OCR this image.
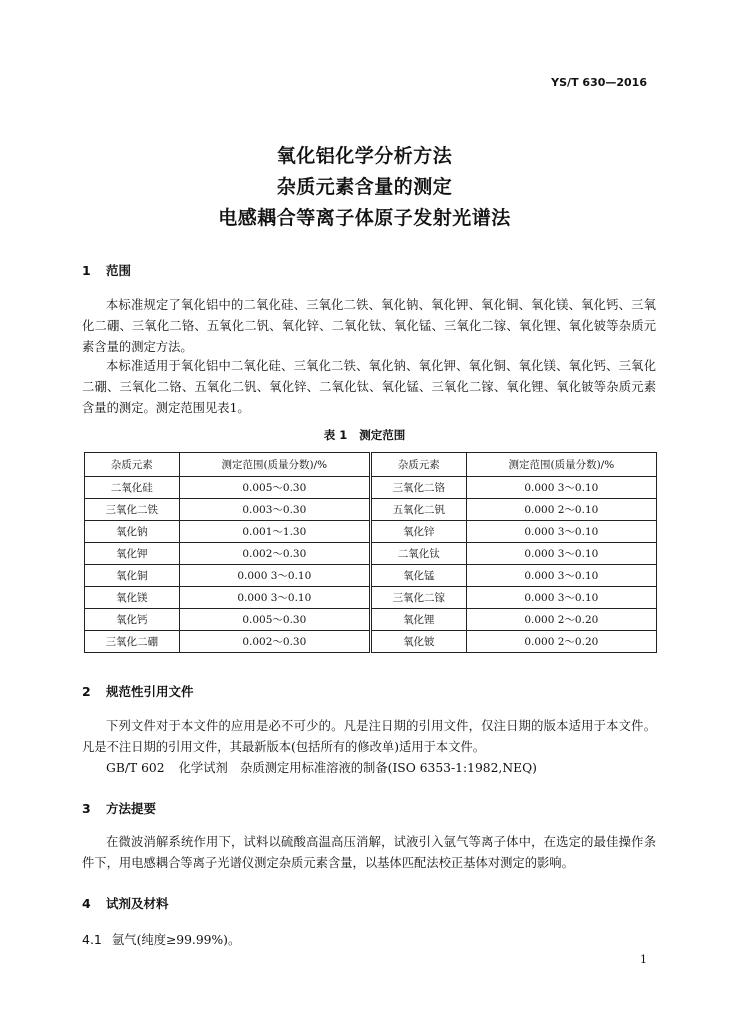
YS/T 630—2016
氧化铝化学分析方法
杂质元素含量的测定
电感耦合等离子体原子发射光谱法
1 范围

本标准规定了氧化铝中的二氧化硅、三氧化二铁、氧化钠、氧化钾、氧化铜、氧化镁、氧化钙、三氧化二硼、三氧化二铬、五氧化二钒、氧化锌、二氧化钛、氧化锰、三氧化二镓、氧化锂、氧化铍等杂质元素含量的测定方法。

本标准适用于氧化铝中二氧化硅、三氧化二铁、氧化钠、氧化钾、氧化铜、氧化镁、氧化钙、三氧化二硼、三氧化二铬、五氧化二钒、氧化锌、二氧化钛、氧化锰、三氧化二镓、氧化锂、氧化铍等杂质元素含量的测定。测定范围见表1。

表 1 测定范围
杂质元素	测定范围(质量分数)/%	杂质元素	测定范围(质量分数)/%
二氧化硅	0.005～0.30	三氧化二铬	0.000 3～0.10
三氧化二铁	0.003～0.30	五氧化二钒	0.000 2～0.10
氧化钠	0.001～1.30	氧化锌	0.000 3～0.10
氧化钾	0.002～0.30	二氧化钛	0.000 3～0.10
氧化铜	0.000 3～0.10	氧化锰	0.000 3～0.10
氧化镁	0.000 3～0.10	三氧化二镓	0.000 3～0.10
氧化钙	0.005～0.30	氧化锂	0.000 2～0.20
三氧化二硼	0.002～0.30	氧化铍	0.000 2～0.20
2 规范性引用文件

下列文件对于本文件的应用是必不可少的。凡是注日期的引用文件，仅注日期的版本适用于本文件。凡是不注日期的引用文件，其最新版本(包括所有的修改单)适用于本文件。

GB/T 602 化学试剂　杂质测定用标准溶液的制备(ISO 6353-1:1982,NEQ)
3 方法提要

在微波消解系统作用下，试料以硫酸高温高压消解，试液引入氩气等离子体中，在选定的最佳操作条件下，用电感耦合等离子光谱仪测定杂质元素含量，以基体匹配法校正基体对测定的影响。

4 试剂及材料
4.1 氩气(纯度≥99.99%)。
1
